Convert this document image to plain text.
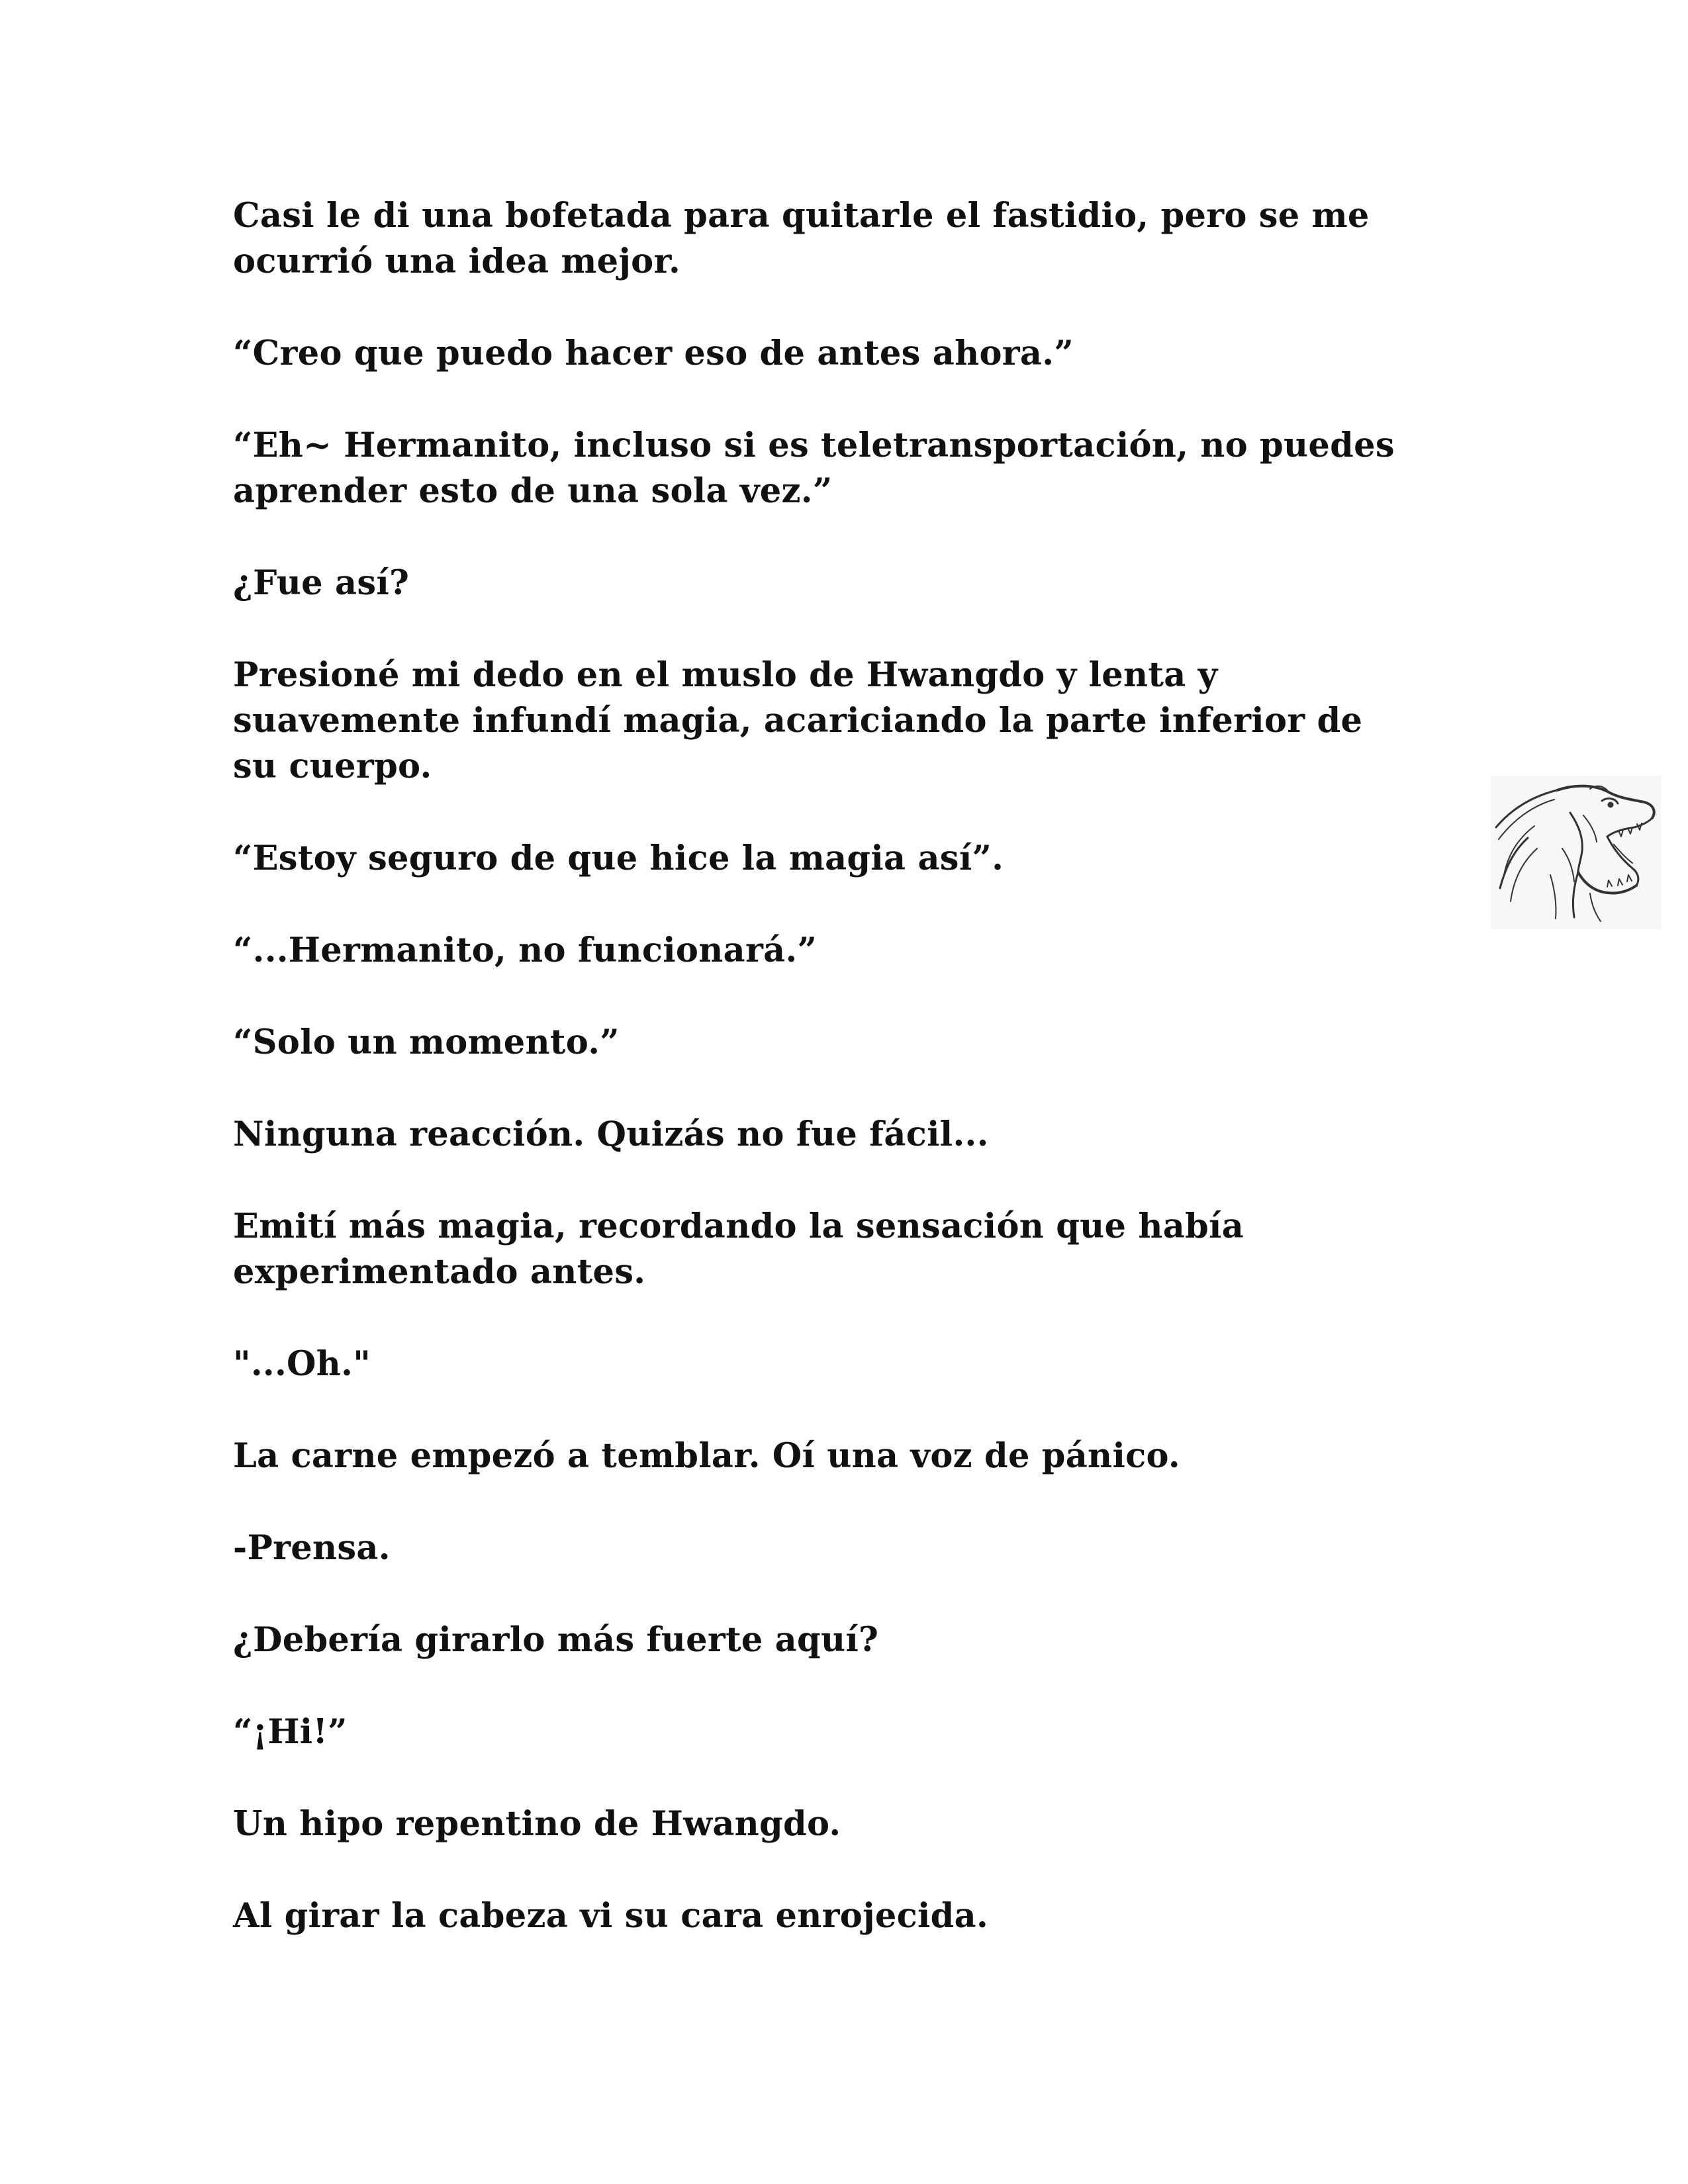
Casi le di una bofetada para quitarle el fastidio, pero se me
ocurrió una idea mejor.

“Creo que puedo hacer eso de antes ahora.”

“Eh~ Hermanito, incluso si es teletransportación, no puedes
aprender esto de una sola vez.”

¿Fue así?

Presioné mi dedo en el muslo de Hwangdo y lenta y
suavemente infundí magia, acariciando la parte inferior de
su cuerpo.

“Estoy seguro de que hice la magia así”.

“...Hermanito, no funcionará.”

“Solo un momento.”

Ninguna reacción. Quizás no fue fácil...

Emití más magia, recordando la sensación que había
experimentado antes.

"...Oh."

La carne empezó a temblar. Oí una voz de pánico.

-Prensa.

¿Debería girarlo más fuerte aquí?

“¡Hi!”

Un hipo repentino de Hwangdo.

Al girar la cabeza vi su cara enrojecida.
